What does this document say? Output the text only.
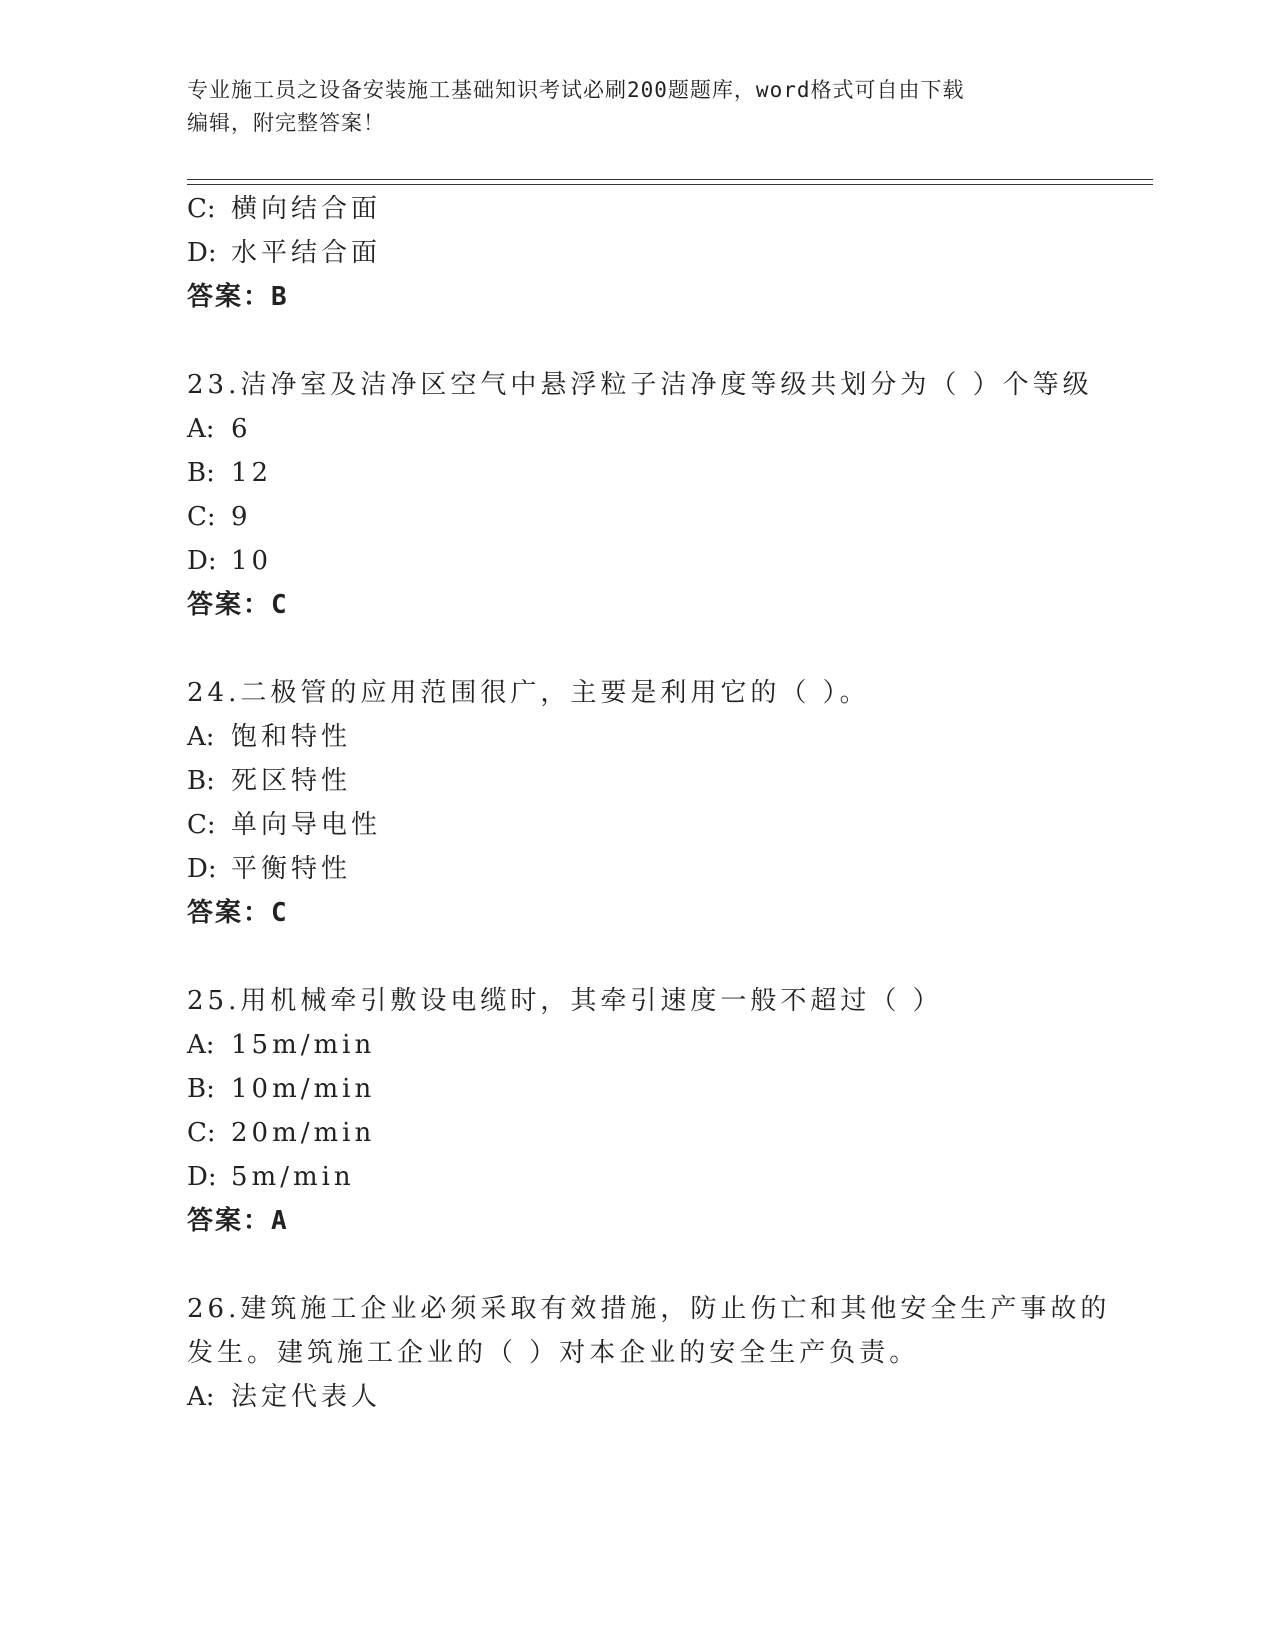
专业施工员之设备安装施工基础知识考试必刷200题题库，word格式可自由下载
编辑，附完整答案！
C: 横向结合面
D: 水平结合面
答案：B
23.洁净室及洁净区空气中悬浮粒子洁净度等级共划分为（ ）个等级
A: 6
B: 12
C: 9
D: 10
答案：C
24.二极管的应用范围很广，主要是利用它的（ ）。
A: 饱和特性
B: 死区特性
C: 单向导电性
D: 平衡特性
答案：C
25.用机械牵引敷设电缆时，其牵引速度一般不超过（ ）
A: 15m/min
B: 10m/min
C: 20m/min
D: 5m/min
答案：A
26.建筑施工企业必须采取有效措施，防止伤亡和其他安全生产事故的
发生。建筑施工企业的（ ）对本企业的安全生产负责。
A: 法定代表人
